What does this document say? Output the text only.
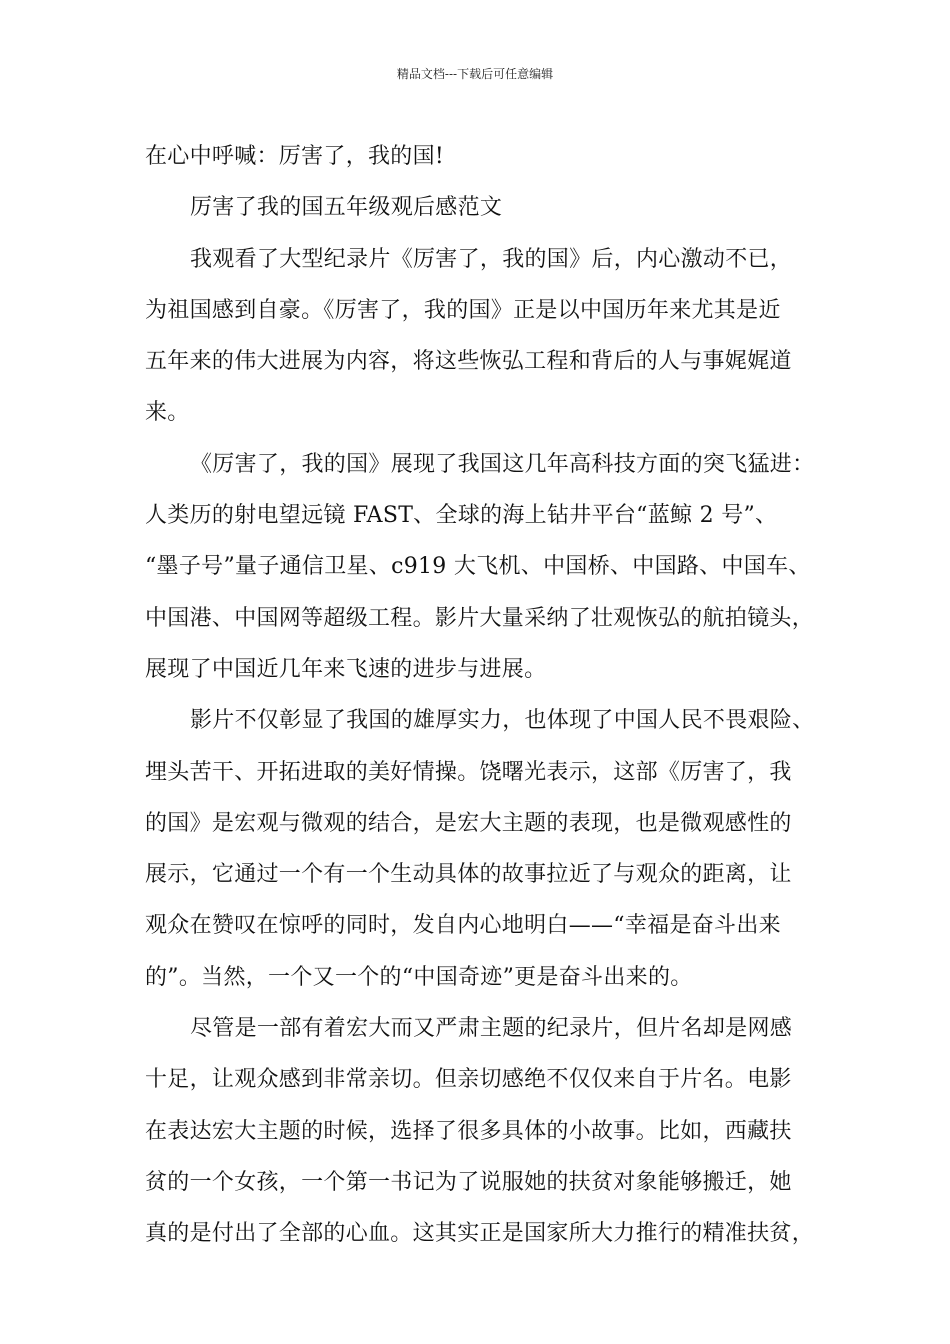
精品文档---下载后可任意编辑
在心中呼喊：厉害了，我的国!
厉害了我的国五年级观后感范文
我观看了大型纪录片《厉害了，我的国》后，内心激动不已，
为祖国感到自豪。《厉害了，我的国》正是以中国历年来尤其是近
五年来的伟大进展为内容，将这些恢弘工程和背后的人与事娓娓道
来。
《厉害了，我的国》展现了我国这几年高科技方面的突飞猛进：
人类历的射电望远镜 FAST、全球的海上钻井平台“蓝鲸 2 号”、
“墨子号”量子通信卫星、c919 大飞机、中国桥、中国路、中国车、
中国港、中国网等超级工程。影片大量采纳了壮观恢弘的航拍镜头，
展现了中国近几年来飞速的进步与进展。
影片不仅彰显了我国的雄厚实力，也体现了中国人民不畏艰险、
埋头苦干、开拓进取的美好情操。饶曙光表示，这部《厉害了，我
的国》是宏观与微观的结合，是宏大主题的表现，也是微观感性的
展示，它通过一个有一个生动具体的故事拉近了与观众的距离，让
观众在赞叹在惊呼的同时，发自内心地明白——“幸福是奋斗出来
的”。当然，一个又一个的“中国奇迹”更是奋斗出来的。
尽管是一部有着宏大而又严肃主题的纪录片，但片名却是网感
十足，让观众感到非常亲切。但亲切感绝不仅仅来自于片名。电影
在表达宏大主题的时候，选择了很多具体的小故事。比如，西藏扶
贫的一个女孩，一个第一书记为了说服她的扶贫对象能够搬迁，她
真的是付出了全部的心血。这其实正是国家所大力推行的精准扶贫，
